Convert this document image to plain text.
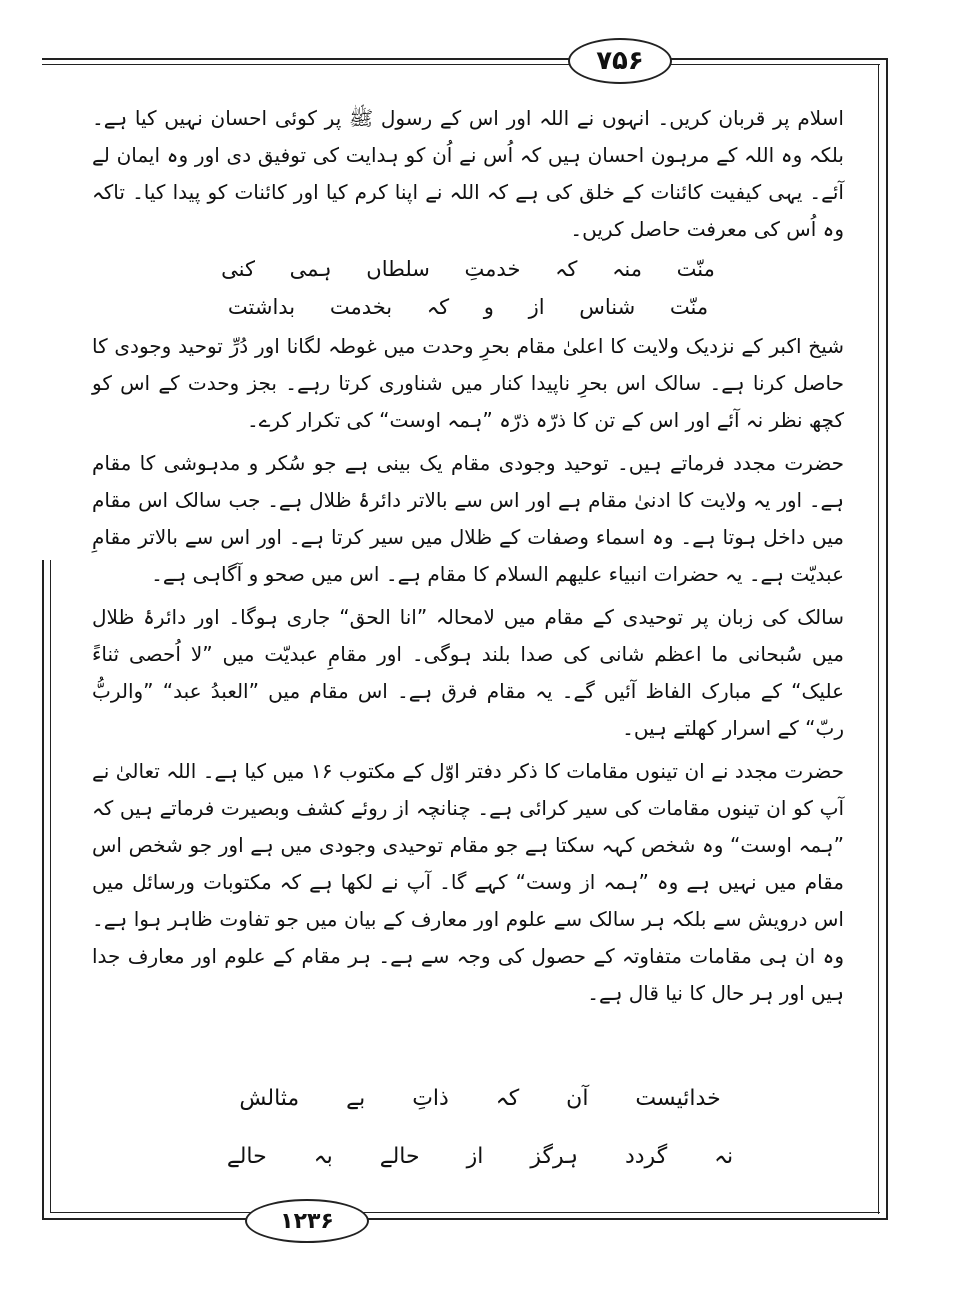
۷۵۶

اسلام پر قربان کریں۔ انہوں نے اللہ اور اس کے رسول ﷺ پر کوئی احسان نہیں کیا ہے۔ بلکہ وہ اللہ کے مرہون احسان ہیں کہ اُس نے اُن کو ہدایت کی توفیق دی اور وہ ایمان لے آئے۔ یہی کیفیت کائنات کے خلق کی ہے کہ اللہ نے اپنا کرم کیا اور کائنات کو پیدا کیا۔ تاکہ وہ اُس کی معرفت حاصل کریں۔

منّت منہ کہ خدمتِ سلطاں ہمی کنی
منّت شناس از و کہ بخدمت بداشتت

شیخ اکبر کے نزدیک ولایت کا اعلیٰ مقام بحرِ وحدت میں غوطہ لگانا اور دُرِّ توحید وجودی کا حاصل کرنا ہے۔ سالک اس بحرِ ناپیدا کنار میں شناوری کرتا رہے۔ بجز وحدت کے اس کو کچھ نظر نہ آئے اور اس کے تن کا ذرّہ ذرّہ ”ہمہ اوست“ کی تکرار کرے۔

حضرت مجدد فرماتے ہیں۔ توحید وجودی مقام یک بینی ہے جو سُکر و مدہوشی کا مقام ہے۔ اور یہ ولایت کا ادنیٰ مقام ہے اور اس سے بالاتر دائرۂ ظلال ہے۔ جب سالک اس مقام میں داخل ہوتا ہے۔ وہ اسماء وصفات کے ظلال میں سیر کرتا ہے۔ اور اس سے بالاتر مقامِ عبدیّت ہے۔ یہ حضرات انبیاء علیھم السلام کا مقام ہے۔ اس میں صحو و آگاہی ہے۔

سالک کی زبان پر توحیدی کے مقام میں لامحالہ ”انا الحق“ جاری ہوگا۔ اور دائرۂ ظلال میں سُبحانی ما اعظم شانی کی صدا بلند ہوگی۔ اور مقامِ عبدیّت میں ”لا اُحصی ثناءً علیک“ کے مبارک الفاظ آئیں گے۔ یہ مقام فرق ہے۔ اس مقام میں ”العبدُ عبد“ ”والربُّ ربّ“ کے اسرار کھلتے ہیں۔

حضرت مجدد نے ان تینوں مقامات کا ذکر دفتر اوّل کے مکتوب ۱۶ میں کیا ہے۔ اللہ تعالیٰ نے آپ کو ان تینوں مقامات کی سیر کرائی ہے۔ چنانچہ از روئے کشف وبصیرت فرماتے ہیں کہ ”ہمہ اوست“ وہ شخص کہہ سکتا ہے جو مقام توحیدی وجودی میں ہے اور جو شخص اس مقام میں نہیں ہے وہ ”ہمہ از وست“ کہے گا۔ آپ نے لکھا ہے کہ مکتوبات ورسائل میں اس درویش سے بلکہ ہر سالک سے علوم اور معارف کے بیان میں جو تفاوت ظاہر ہوا ہے۔ وہ ان ہی مقامات متفاوتہ کے حصول کی وجہ سے ہے۔ ہر مقام کے علوم اور معارف جدا ہیں اور ہر حال کا نیا قال ہے۔

خدائیست آن کہ ذاتِ بے مثالش
نہ گردد ہرگز از حالے بہ حالے
۱۲۳۶
